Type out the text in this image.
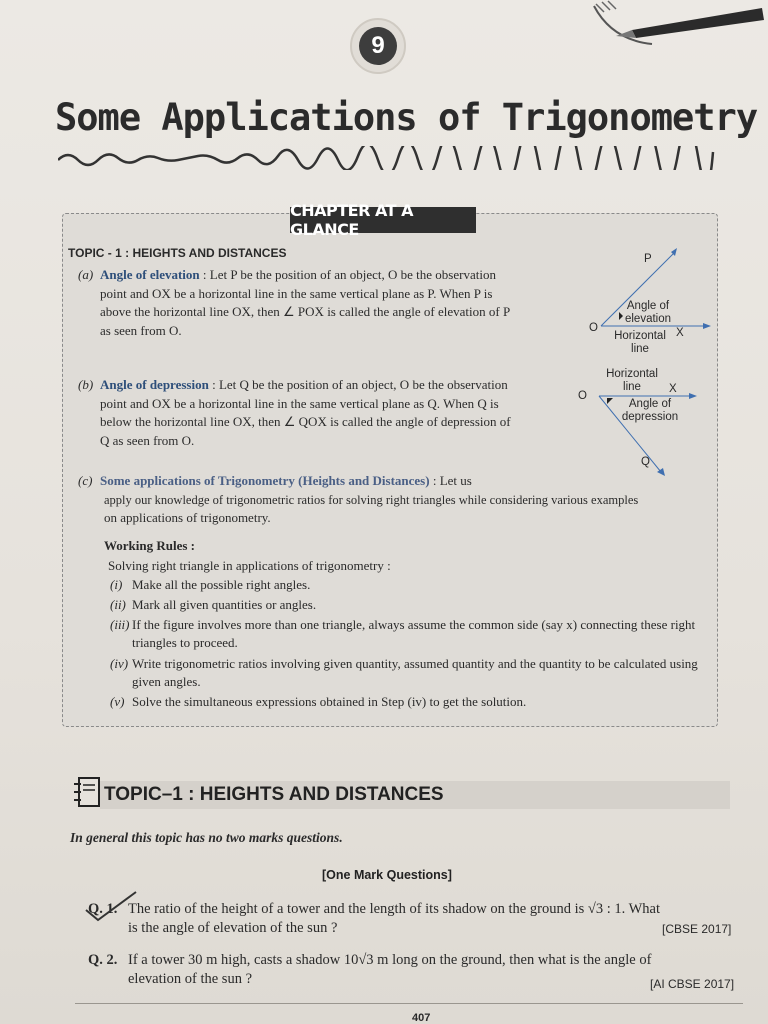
9
Some Applications of Trigonometry
CHAPTER AT A GLANCE
TOPIC - 1 : HEIGHTS AND DISTANCES
(a) Angle of elevation : Let P be the position of an object, O be the observation
point and OX be a horizontal line in the same vertical plane as P. When P is
above the horizontal line OX, then ∠ POX is called the angle of elevation of P
as seen from O.
P
O	X
Angle of elevation
Horizontal line
(b) Angle of depression : Let Q be the position of an object, O be the observation
point and OX be a horizontal line in the same vertical plane as Q. When Q is
below the horizontal line OX, then ∠ QOX is called the angle of depression of
Q as seen from O.
Q
O
X
Horizontal line
Angle of depression
(c) Some applications of Trigonometry (Heights and Distances) : Let us
apply our knowledge of trigonometric ratios for solving right triangles while considering various examples
on applications of trigonometry.
Working Rules :
Solving right triangle in applications of trigonometry :
(i) Make all the possible right angles.
(ii) Mark all given quantities or angles.
(iii) If the figure involves more than one triangle, always assume the common side (say x) connecting these right triangles to proceed.
(iv) Write trigonometric ratios involving given quantity, assumed quantity and the quantity to be calculated using given angles.
(v) Solve the simultaneous expressions obtained in Step (iv) to get the solution.
TOPIC–1 : HEIGHTS AND DISTANCES
In general this topic has no two marks questions.
[One Mark Questions]
Q. 1. The ratio of the height of a tower and the length of its shadow on the ground is √3 : 1. What
is the angle of elevation of the sun ?	[CBSE 2017]
Q. 2. If a tower 30 m high, casts a shadow 10√3 m long on the ground, then what is the angle of
elevation of the sun ?	[AI CBSE 2017]
407
